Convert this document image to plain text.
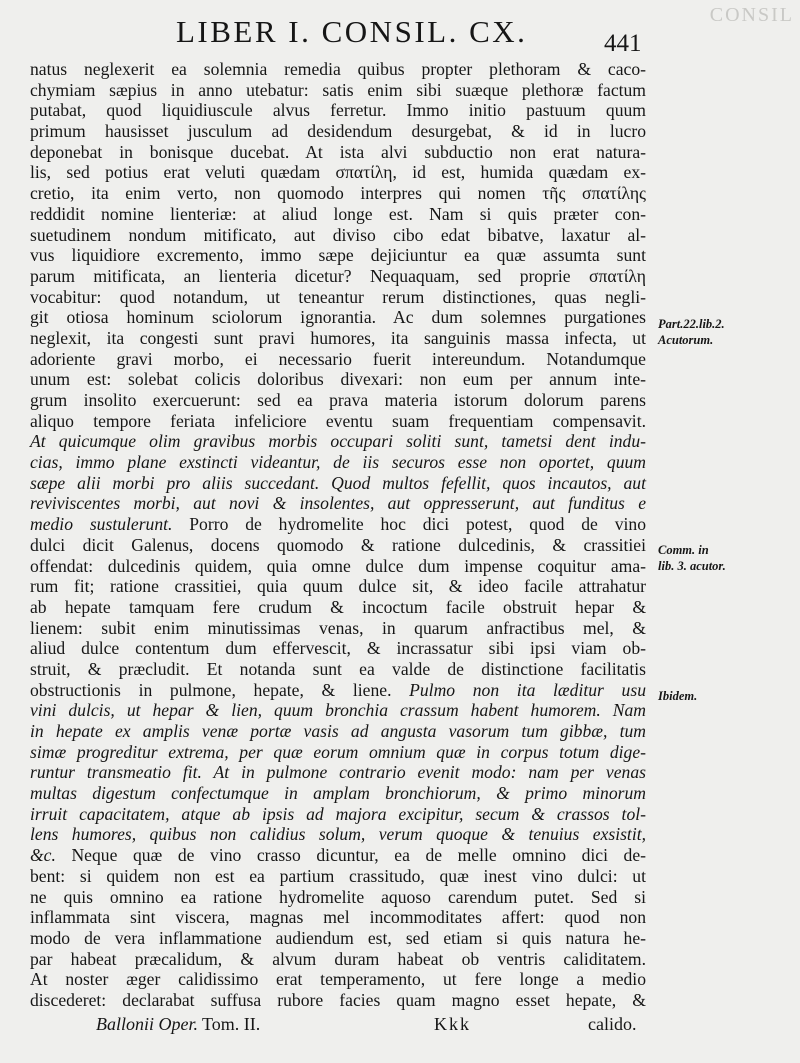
CONSIL
LIBER I. CONSIL. CX.	441
natus neglexerit ea solemnia remedia quibus propter plethoram & caco-
chymiam sæpius in anno utebatur: satis enim sibi suæque plethoræ factum
putabat, quod liquidiuscule alvus ferretur. Immo initio pastuum quum
primum hausisset jusculum ad desidendum desurgebat, & id in lucro
deponebat in bonisque ducebat. At ista alvi subductio non erat natura-
lis, sed potius erat veluti quædam σπατίλη, id est, humida quædam ex-
cretio, ita enim verto, non quomodo interpres qui nomen τῆς σπατίλης
reddidit nomine lienteriæ: at aliud longe est. Nam si quis præter con-
suetudinem nondum mitificato, aut diviso cibo edat bibatve, laxatur al-
vus liquidiore excremento, immo sæpe dejiciuntur ea quæ assumta sunt
parum mitificata, an lienteria dicetur? Nequaquam, sed proprie σπατίλη
vocabitur: quod notandum, ut teneantur rerum distinctiones, quas negli-
git otiosa hominum sciolorum ignorantia. Ac dum solemnes purgationes
neglexit, ita congesti sunt pravi humores, ita sanguinis massa infecta, ut
adoriente gravi morbo, ei necessario fuerit intereundum. Notandumque
unum est: solebat colicis doloribus divexari: non eum per annum inte-
grum insolito exercuerunt: sed ea prava materia istorum dolorum parens
aliquo tempore feriata infeliciore eventu suam frequentiam compensavit.
At quicumque olim gravibus morbis occupari soliti sunt, tametsi dent indu-
cias, immo plane exstincti videantur, de iis securos esse non oportet, quum
sæpe alii morbi pro aliis succedant. Quod multos fefellit, quos incautos, aut
reviviscentes morbi, aut novi & insolentes, aut oppresserunt, aut funditus e
medio sustulerunt. Porro de hydromelite hoc dici potest, quod de vino
dulci dicit Galenus, docens quomodo & ratione dulcedinis, & crassitiei
offendat: dulcedinis quidem, quia omne dulce dum impense coquitur ama-
rum fit; ratione crassitiei, quia quum dulce sit, & ideo facile attrahatur
ab hepate tamquam fere crudum & incoctum facile obstruit hepar &
lienem: subit enim minutissimas venas, in quarum anfractibus mel, &
aliud dulce contentum dum effervescit, & incrassatur sibi ipsi viam ob-
struit, & præcludit. Et notanda sunt ea valde de distinctione facilitatis
obstructionis in pulmone, hepate, & liene. Pulmo non ita læditur usu
vini dulcis, ut hepar & lien, quum bronchia crassum habent humorem. Nam
in hepate ex amplis venæ portæ vasis ad angusta vasorum tum gibbæ, tum
simæ progreditur extrema, per quæ eorum omnium quæ in corpus totum dige-
runtur transmeatio fit. At in pulmone contrario evenit modo: nam per venas
multas digestum confectumque in amplam bronchiorum, & primo minorum
irruit capacitatem, atque ab ipsis ad majora excipitur, secum & crassos tol-
lens humores, quibus non calidius solum, verum quoque & tenuius exsistit,
&c. Neque quæ de vino crasso dicuntur, ea de melle omnino dici de-
bent: si quidem non est ea partium crassitudo, quæ inest vino dulci: ut
ne quis omnino ea ratione hydromelite aquoso carendum putet. Sed si
inflammata sint viscera, magnas mel incommoditates affert: quod non
modo de vera inflammatione audiendum est, sed etiam si quis natura he-
par habeat præcalidum, & alvum duram habeat ob ventris caliditatem.
At noster æger calidissimo erat temperamento, ut fere longe a medio
discederet: declarabat suffusa rubore facies quam magno esset hepate, &
Part.22.lib.2.
Acutorum.
Comm. in
lib. 3. acutor.
Ibidem.
Ballonii Oper. Tom. II.	Kkk	calido.
